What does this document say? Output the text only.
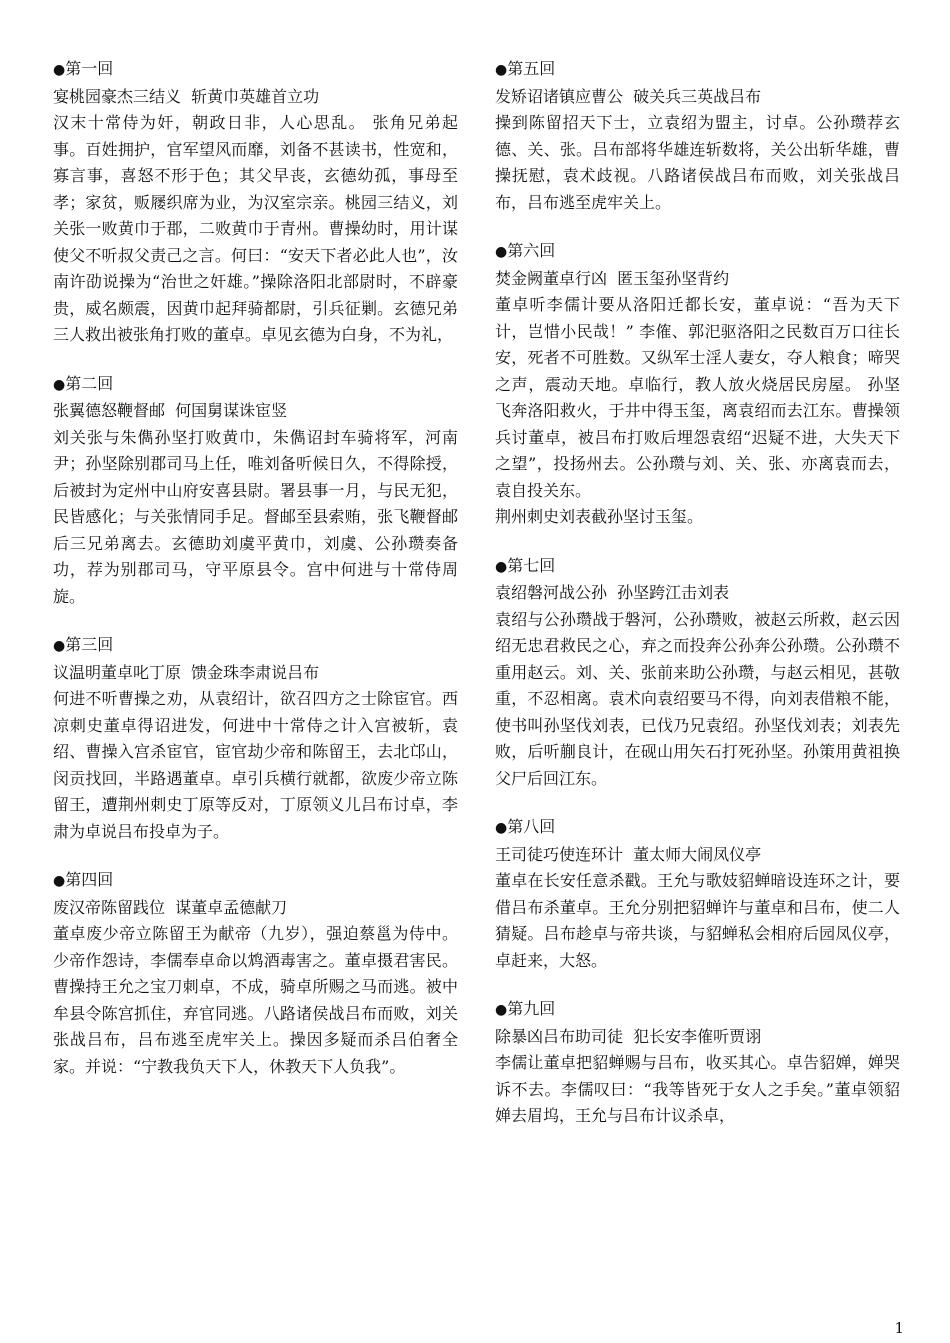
●第一回

宴桃园豪杰三结义  斩黄巾英雄首立功

汉末十常侍为奸，朝政日非，人心思乱。 张角兄弟起事。百姓拥护，官军望风而靡，刘备不甚读书，性宽和，寡言事，喜怒不形于色；其父早丧，玄德幼孤，事母至孝；家贫，贩屦织席为业，为汉室宗亲。桃园三结义，刘关张一败黄巾于郡，二败黄巾于青州。曹操幼时，用计谋使父不听叔父责己之言。何曰：“安天下者必此人也”，汝南许劭说操为“治世之奸雄。”操除洛阳北部尉时，不辟豪贵，威名颇震，因黄巾起拜骑都尉，引兵征剿。玄德兄弟三人救出被张角打败的董卓。卓见玄德为白身，不为礼，

●第二回

张翼德怒鞭督邮  何国舅谋诛宦竖

刘关张与朱儁孙坚打败黄巾，朱儁诏封车骑将军，河南尹；孙坚除别郡司马上任，唯刘备听候日久，不得除授，后被封为定州中山府安喜县尉。署县事一月，与民无犯，民皆感化；与关张情同手足。督邮至县索贿，张飞鞭督邮后三兄弟离去。玄德助刘虞平黄巾，刘虞、公孙瓒奏备功，荐为别郡司马，守平原县令。宫中何进与十常侍周旋。

●第三回

议温明董卓叱丁原  馈金珠李肃说吕布

何进不听曹操之劝，从袁绍计，欲召四方之士除宦官。西凉刺史董卓得诏进发，何进中十常侍之计入宫被斩，袁绍、曹操入宫杀宦官，宦官劫少帝和陈留王，去北邙山，闵贡找回，半路遇董卓。卓引兵横行就都，欲废少帝立陈留王，遭荆州刺史丁原等反对，丁原领义儿吕布讨卓，李肃为卓说吕布投卓为子。

●第四回

废汉帝陈留践位  谋董卓孟德献刀

董卓废少帝立陈留王为献帝（九岁），强迫蔡邕为侍中。少帝作怨诗，李儒奉卓命以鸩酒毒害之。董卓摄君害民。曹操持王允之宝刀刺卓，不成，骑卓所赐之马而逃。被中牟县令陈宫抓住，弃官同逃。八路诸侯战吕布而败，刘关张战吕布，吕布逃至虎牢关上。操因多疑而杀吕伯奢全家。并说：“宁教我负天下人，休教天下人负我”。

●第五回

发矫诏诸镇应曹公  破关兵三英战吕布

操到陈留招天下士，立袁绍为盟主，讨卓。公孙瓒荐玄德、关、张。吕布部将华雄连斩数将，关公出斩华雄，曹操抚慰，袁术歧视。八路诸侯战吕布而败，刘关张战吕布，吕布逃至虎牢关上。

●第六回

焚金阙董卓行凶  匿玉玺孙坚背约

董卓听李儒计要从洛阳迁都长安，董卓说：“吾为天下计，岂惜小民哉！” 李傕、郭汜驱洛阳之民数百万口往长安，死者不可胜数。又纵军士淫人妻女，夺人粮食；啼哭之声，震动天地。卓临行，教人放火烧居民房屋。 孙坚飞奔洛阳救火，于井中得玉玺，离袁绍而去江东。曹操领兵讨董卓，被吕布打败后埋怨袁绍“迟疑不进，大失天下之望”，投扬州去。公孙瓒与刘、关、张、亦离袁而去，袁自投关东。

荆州刺史刘表截孙坚讨玉玺。

●第七回

袁绍磐河战公孙  孙坚跨江击刘表

袁绍与公孙瓒战于磐河，公孙瓒败，被赵云所救，赵云因绍无忠君救民之心，弃之而投奔公孙奔公孙瓒。公孙瓒不重用赵云。刘、关、张前来助公孙瓒，与赵云相见，甚敬重，不忍相离。袁术向袁绍要马不得，向刘表借粮不能，使书叫孙坚伐刘表，已伐乃兄袁绍。孙坚伐刘表；刘表先败，后听蒯良计，在砚山用矢石打死孙坚。孙策用黄祖换父尸后回江东。

●第八回

王司徒巧使连环计  董太师大闹凤仪亭

董卓在长安任意杀戳。王允与歌妓貂蝉暗设连环之计，要借吕布杀董卓。王允分别把貂蝉许与董卓和吕布，使二人猜疑。吕布趁卓与帝共谈，与貂蝉私会相府后园凤仪亭，卓赶来，大怒。

●第九回

除暴凶吕布助司徒  犯长安李傕听贾诩

李儒让董卓把貂蝉赐与吕布，收买其心。卓告貂婵，婵哭诉不去。李儒叹曰：“我等皆死于女人之手矣。”董卓领貂婵去眉坞，王允与吕布计议杀卓，

1
